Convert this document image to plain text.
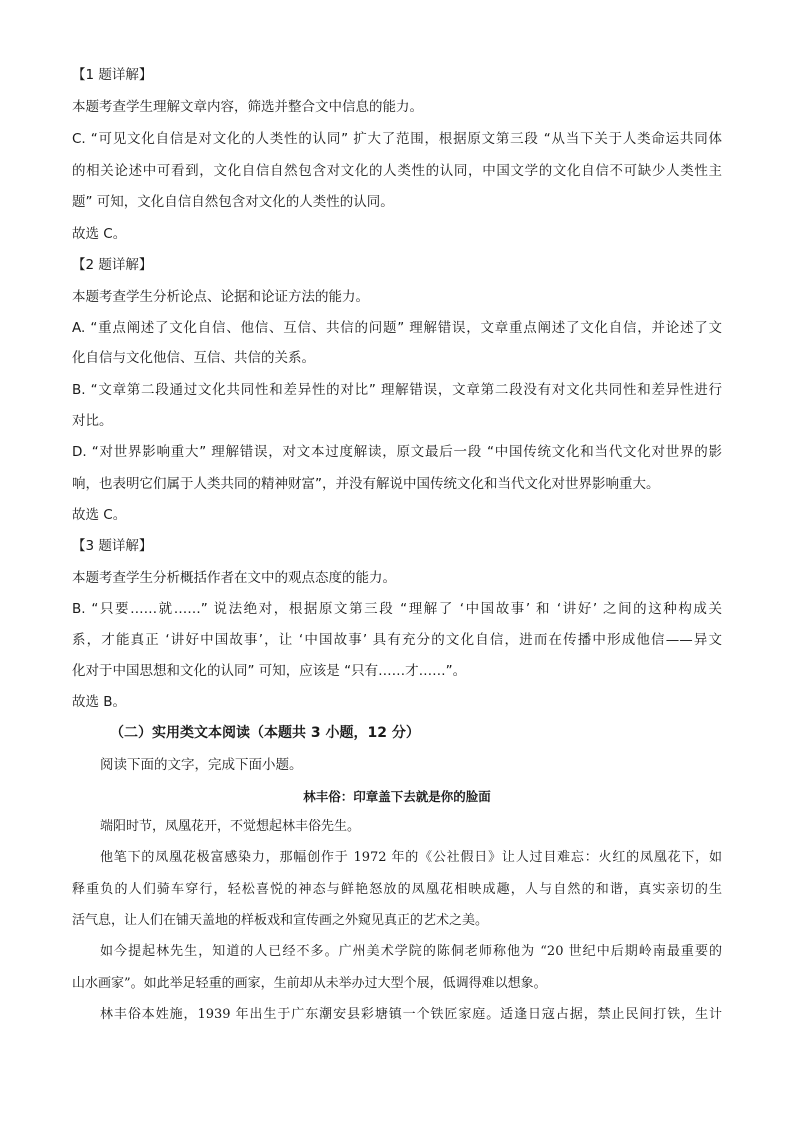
【1 题详解】
本题考查学生理解文章内容，筛选并整合文中信息的能力。
C. “可见文化自信是对文化的人类性的认同” 扩大了范围，根据原文第三段 “从当下关于人类命运共同体
的相关论述中可看到，文化自信自然包含对文化的人类性的认同，中国文学的文化自信不可缺少人类性主
题” 可知，文化自信自然包含对文化的人类性的认同。
故选 C。
【2 题详解】
本题考查学生分析论点、论据和论证方法的能力。
A. “重点阐述了文化自信、他信、互信、共信的问题” 理解错误，文章重点阐述了文化自信，并论述了文
化自信与文化他信、互信、共信的关系。
B. “文章第二段通过文化共同性和差异性的对比” 理解错误，文章第二段没有对文化共同性和差异性进行
对比。
D. “对世界影响重大” 理解错误，对文本过度解读，原文最后一段 “中国传统文化和当代文化对世界的影
响，也表明它们属于人类共同的精神财富”，并没有解说中国传统文化和当代文化对世界影响重大。
故选 C。
【3 题详解】
本题考查学生分析概括作者在文中的观点态度的能力。
B. “只要……就……” 说法绝对，根据原文第三段 “理解了 ‘中国故事’ 和 ‘讲好’ 之间的这种构成关
系，才能真正 ‘讲好中国故事’，让 ‘中国故事’ 具有充分的文化自信，进而在传播中形成他信——异文
化对于中国思想和文化的认同” 可知，应该是 “只有……才……”。
故选 B。
（二）实用类文本阅读（本题共 3 小题，12 分）
阅读下面的文字，完成下面小题。
林丰俗：印章盖下去就是你的脸面
端阳时节，凤凰花开，不觉想起林丰俗先生。
他笔下的凤凰花极富感染力，那幅创作于 1972 年的《公社假日》让人过目难忘：火红的凤凰花下，如
释重负的人们骑车穿行，轻松喜悦的神态与鲜艳怒放的凤凰花相映成趣，人与自然的和谐，真实亲切的生
活气息，让人们在铺天盖地的样板戏和宣传画之外窥见真正的艺术之美。
如今提起林先生，知道的人已经不多。广州美术学院的陈侗老师称他为 “20 世纪中后期岭南最重要的
山水画家”。如此举足轻重的画家，生前却从未举办过大型个展，低调得难以想象。
林丰俗本姓施，1939 年出生于广东潮安县彩塘镇一个铁匠家庭。适逢日寇占据，禁止民间打铁，生计
